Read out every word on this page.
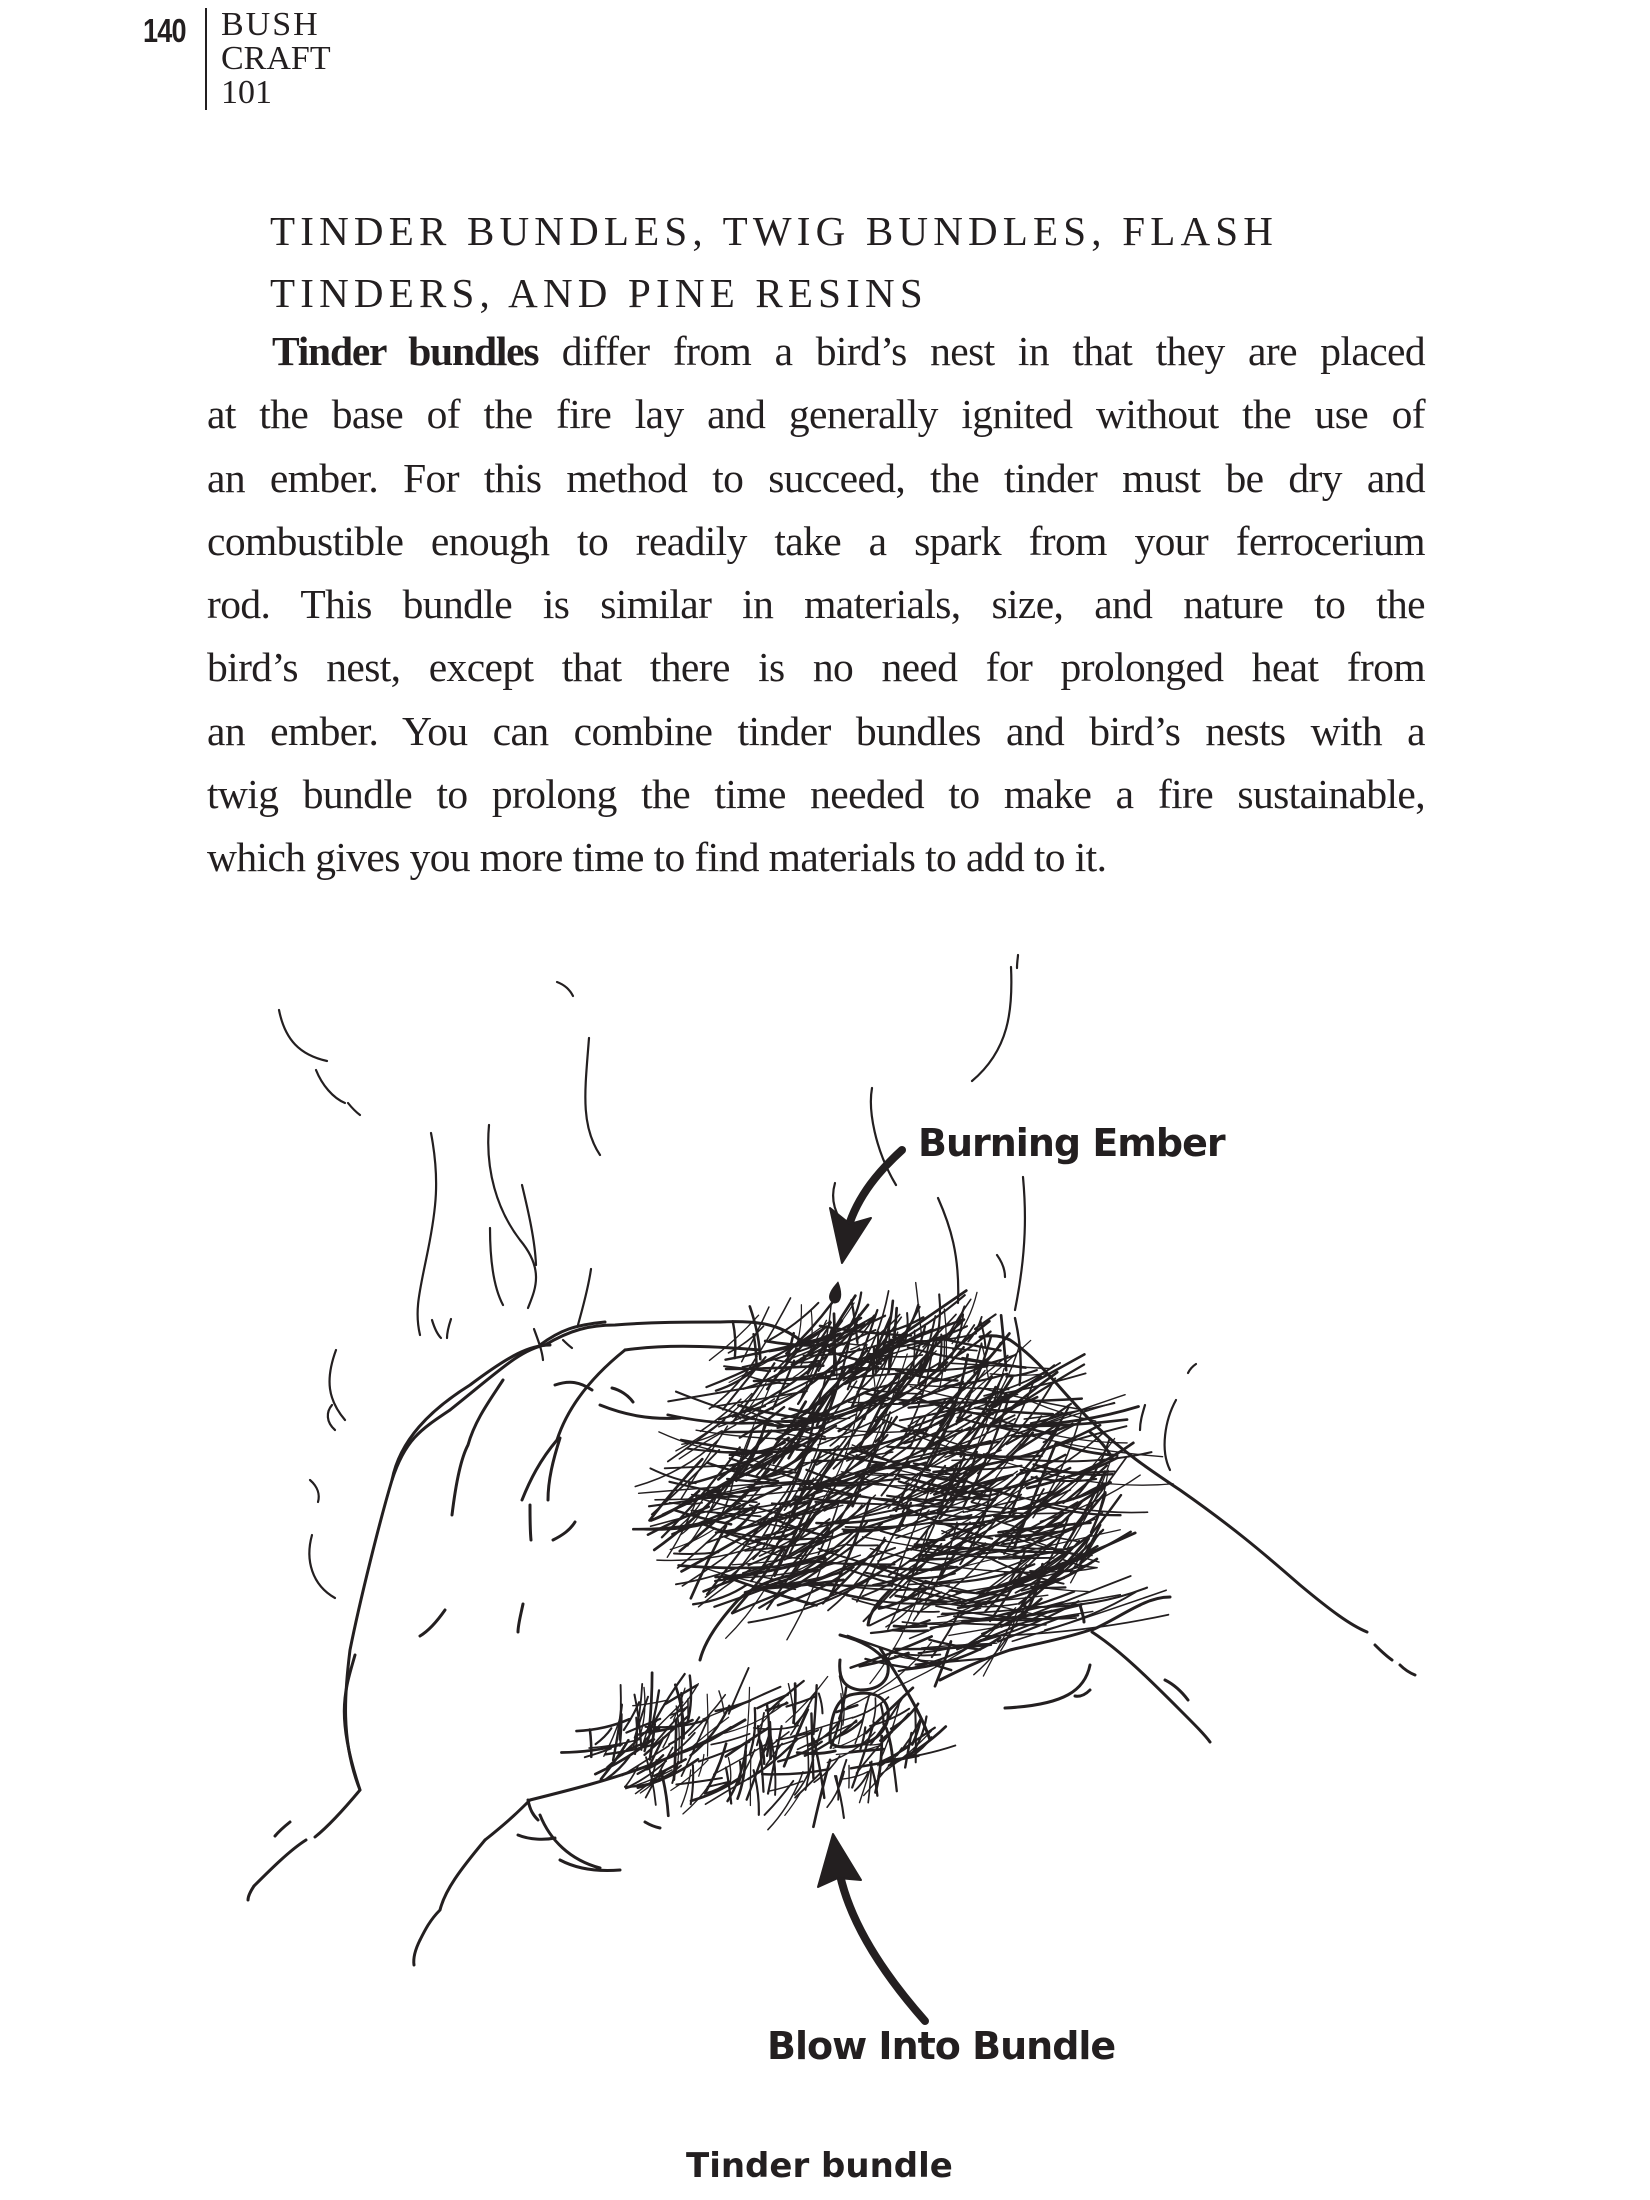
140 BUSH
CRAFT
101
TINDER BUNDLES, TWIG BUNDLES, FLASH
TINDERS, AND PINE RESINS
Tinder bundles differ from a bird’s nest in that they are placed
at the base of the fire lay and generally ignited without the use of
an ember. For this method to succeed, the tinder must be dry and
combustible enough to readily take a spark from your ferrocerium
rod. This bundle is similar in materials, size, and nature to the
bird’s nest, except that there is no need for prolonged heat from
an ember. You can combine tinder bundles and bird’s nests with a
twig bundle to prolong the time needed to make a fire sustainable,
which gives you more time to find materials to add to it.
Burning Ember
Blow Into Bundle
Tinder bundle
